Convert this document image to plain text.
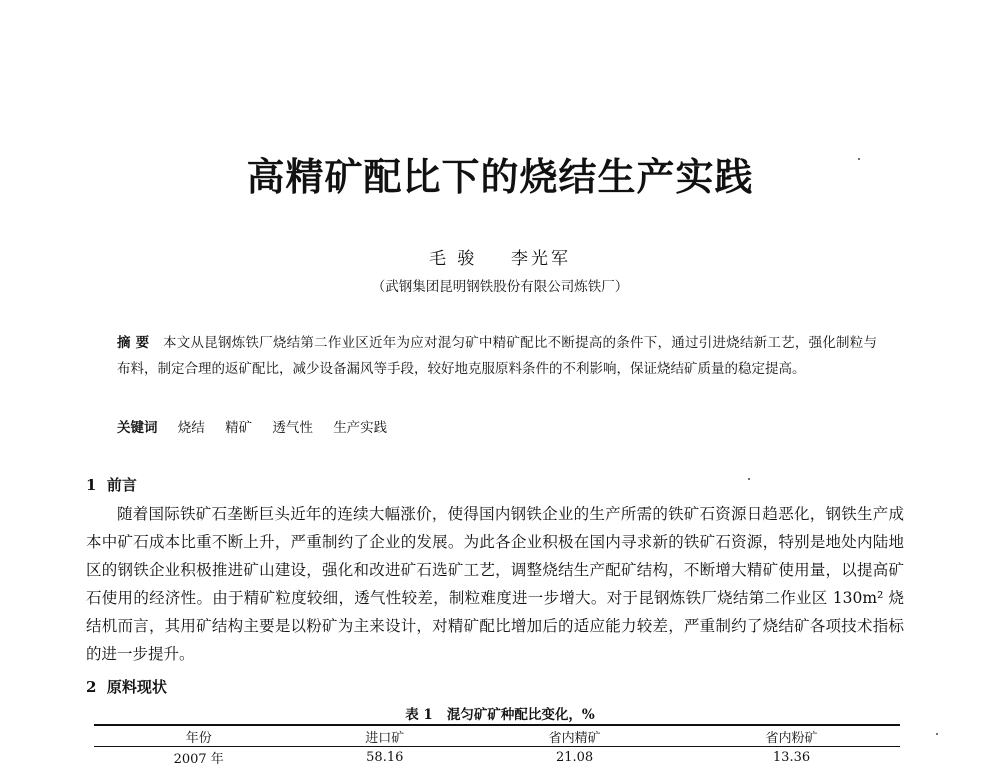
高精矿配比下的烧结生产实践
毛 骏    李光军
（武钢集团昆明钢铁股份有限公司炼铁厂）
摘 要 本文从昆钢炼铁厂烧结第二作业区近年为应对混匀矿中精矿配比不断提高的条件下，通过引进烧结新工艺，强化制粒与布料，制定合理的返矿配比，减少设备漏风等手段，较好地克服原料条件的不利影响，保证烧结矿质量的稳定提高。
关键词 烧结 精矿 透气性 生产实践
1  前言
随着国际铁矿石垄断巨头近年的连续大幅涨价，使得国内钢铁企业的生产所需的铁矿石资源日趋恶化，钢铁生产成本中矿石成本比重不断上升，严重制约了企业的发展。为此各企业积极在国内寻求新的铁矿石资源，特别是地处内陆地区的钢铁企业积极推进矿山建设，强化和改进矿石选矿工艺，调整烧结生产配矿结构，不断增大精矿使用量，以提高矿石使用的经济性。由于精矿粒度较细，透气性较差，制粒难度进一步增大。对于昆钢炼铁厂烧结第二作业区 130m² 烧结机而言，其用矿结构主要是以粉矿为主来设计，对精矿配比增加后的适应能力较差，严重制约了烧结矿各项技术指标的进一步提升。
2  原料现状
表 1   混匀矿矿种配比变化，%
年份	进口矿	省内精矿	省内粉矿
2007 年	58.16	21.08	13.36
